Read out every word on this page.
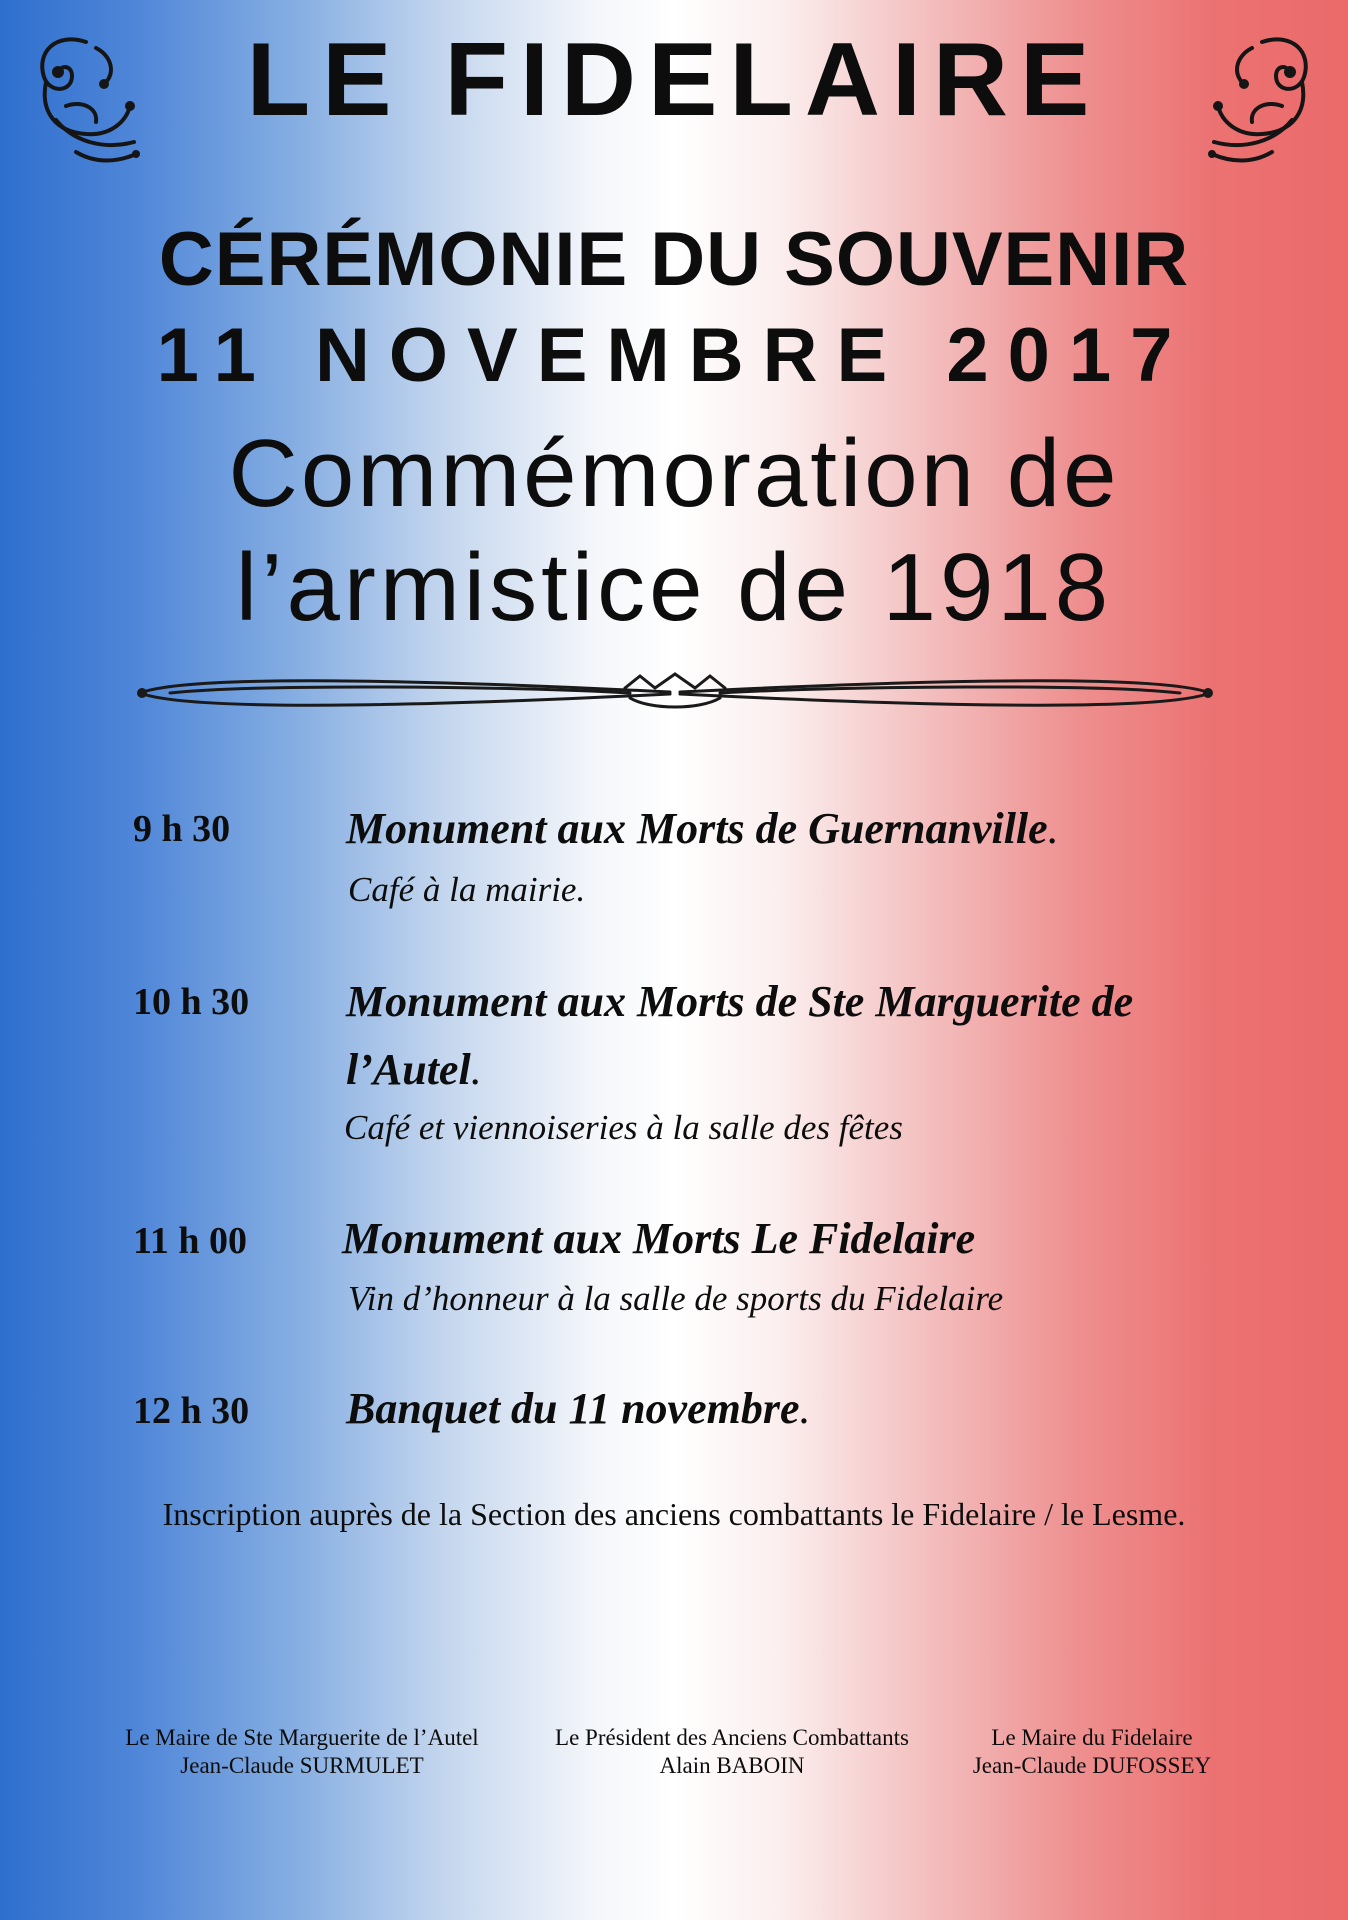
LE FIDELAIRE
CÉRÉMONIE DU SOUVENIR
11 NOVEMBRE 2017
Commémoration de
l’armistice de 1918
9 h 30	Monument aux Morts de Guernanville.
Café à la mairie.
10 h 30 Monument aux Morts de Ste Marguerite de l’Autel.
Café et viennoiseries à la salle des fêtes
11 h 00 Monument aux Morts Le Fidelaire
Vin d’honneur à la salle de sports du Fidelaire
12 h 30 Banquet du 11 novembre.
Inscription auprès de la Section des anciens combattants le Fidelaire / le Lesme.
Le Maire de Ste Marguerite de l’Autel
Jean-Claude SURMULET
Le Président des Anciens Combattants
Alain BABOIN
Le Maire du Fidelaire
Jean-Claude DUFOSSEY
